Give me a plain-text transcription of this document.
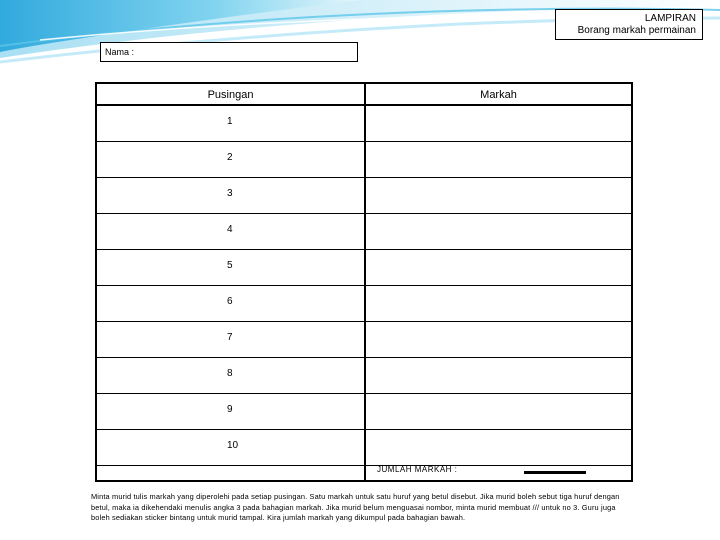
LAMPIRAN
Borang markah permainan
Nama :
Pusingan	Markah
1
2
3
4
5
6
7
8
9
10
JUMLAH MARKAH :
Minta murid tulis markah yang diperolehi pada setiap pusingan. Satu markah untuk satu huruf yang betul disebut. Jika murid boleh sebut tiga huruf dengan betul, maka ia dikehendaki menulis angka 3 pada bahagian markah. Jika murid belum menguasai nombor, minta murid membuat /// untuk no 3. Guru juga boleh sediakan sticker bintang untuk murid tampal. Kira jumlah markah yang dikumpul pada bahagian bawah.
